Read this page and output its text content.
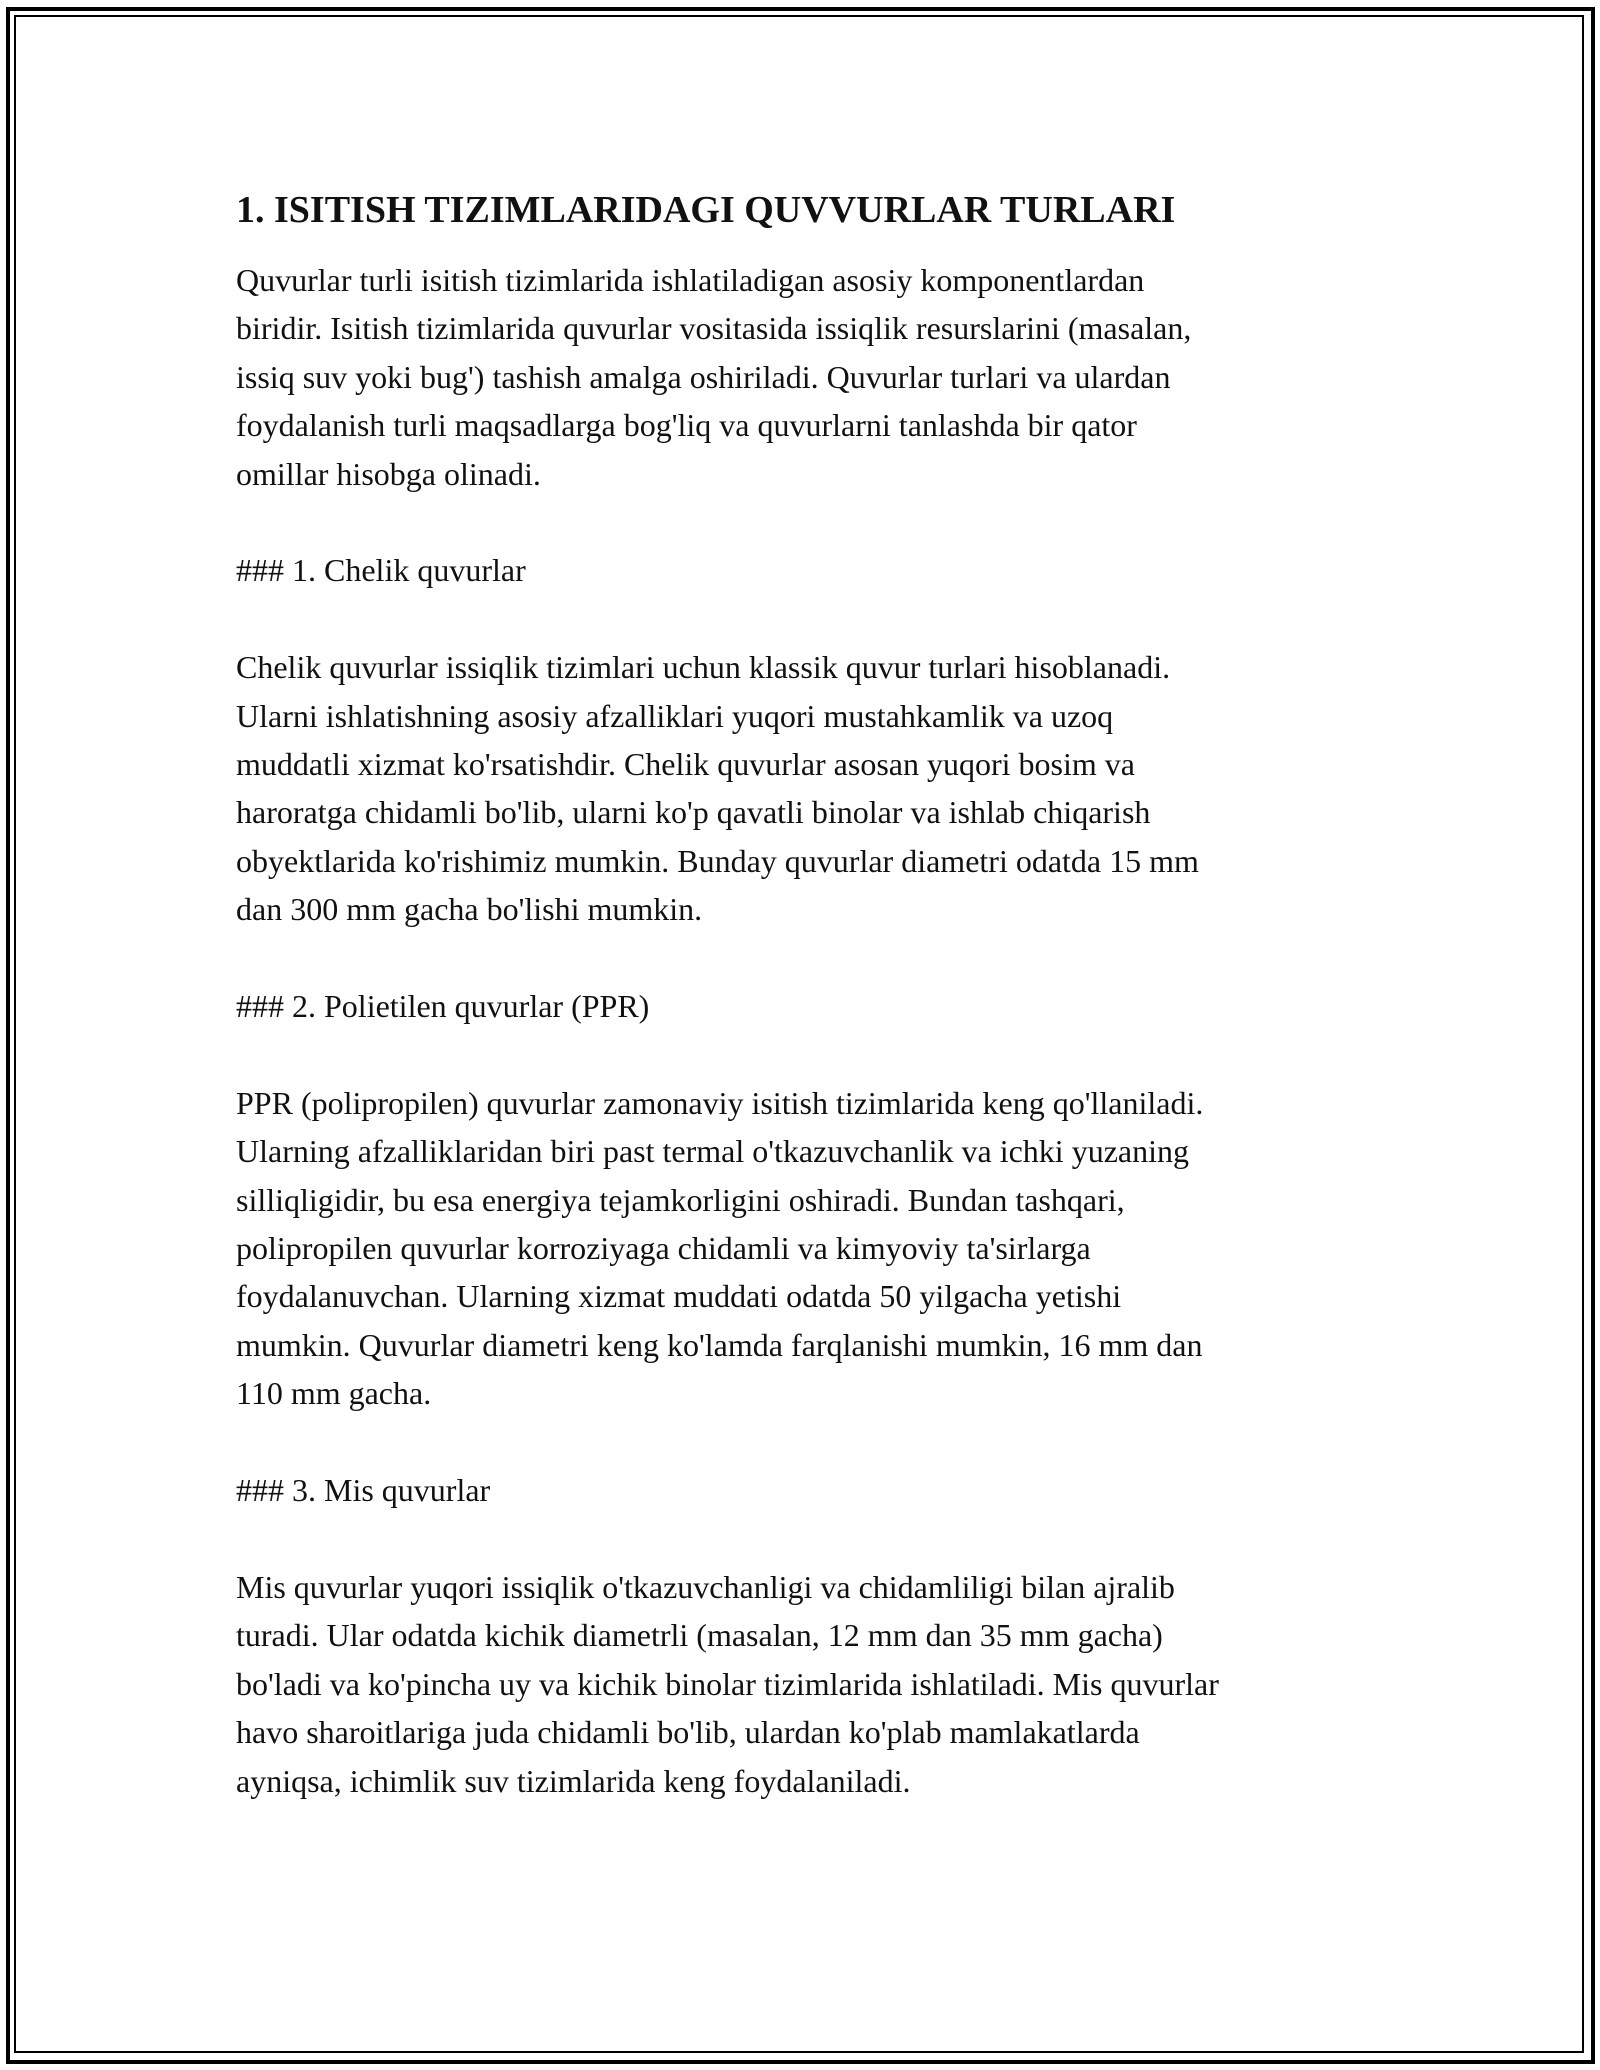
1. ISITISH TIZIMLARIDAGI QUVVURLAR TURLARI

Quvurlar turli isitish tizimlarida ishlatiladigan asosiy komponentlardan
biridir. Isitish tizimlarida quvurlar vositasida issiqlik resurslarini (masalan,
issiq suv yoki bug') tashish amalga oshiriladi. Quvurlar turlari va ulardan
foydalanish turli maqsadlarga bog'liq va quvurlarni tanlashda bir qator
omillar hisobga olinadi.

### 1. Chelik quvurlar

Chelik quvurlar issiqlik tizimlari uchun klassik quvur turlari hisoblanadi.
Ularni ishlatishning asosiy afzalliklari yuqori mustahkamlik va uzoq
muddatli xizmat ko'rsatishdir. Chelik quvurlar asosan yuqori bosim va
haroratga chidamli bo'lib, ularni ko'p qavatli binolar va ishlab chiqarish
obyektlarida ko'rishimiz mumkin. Bunday quvurlar diametri odatda 15 mm
dan 300 mm gacha bo'lishi mumkin.

### 2. Polietilen quvurlar (PPR)

PPR (polipropilen) quvurlar zamonaviy isitish tizimlarida keng qo'llaniladi.
Ularning afzalliklaridan biri past termal o'tkazuvchanlik va ichki yuzaning
silliqligidir, bu esa energiya tejamkorligini oshiradi. Bundan tashqari,
polipropilen quvurlar korroziyaga chidamli va kimyoviy ta'sirlarga
foydalanuvchan. Ularning xizmat muddati odatda 50 yilgacha yetishi
mumkin. Quvurlar diametri keng ko'lamda farqlanishi mumkin, 16 mm dan
110 mm gacha.

### 3. Mis quvurlar

Mis quvurlar yuqori issiqlik o'tkazuvchanligi va chidamliligi bilan ajralib
turadi. Ular odatda kichik diametrli (masalan, 12 mm dan 35 mm gacha)
bo'ladi va ko'pincha uy va kichik binolar tizimlarida ishlatiladi. Mis quvurlar
havo sharoitlariga juda chidamli bo'lib, ulardan ko'plab mamlakatlarda
ayniqsa, ichimlik suv tizimlarida keng foydalaniladi.
